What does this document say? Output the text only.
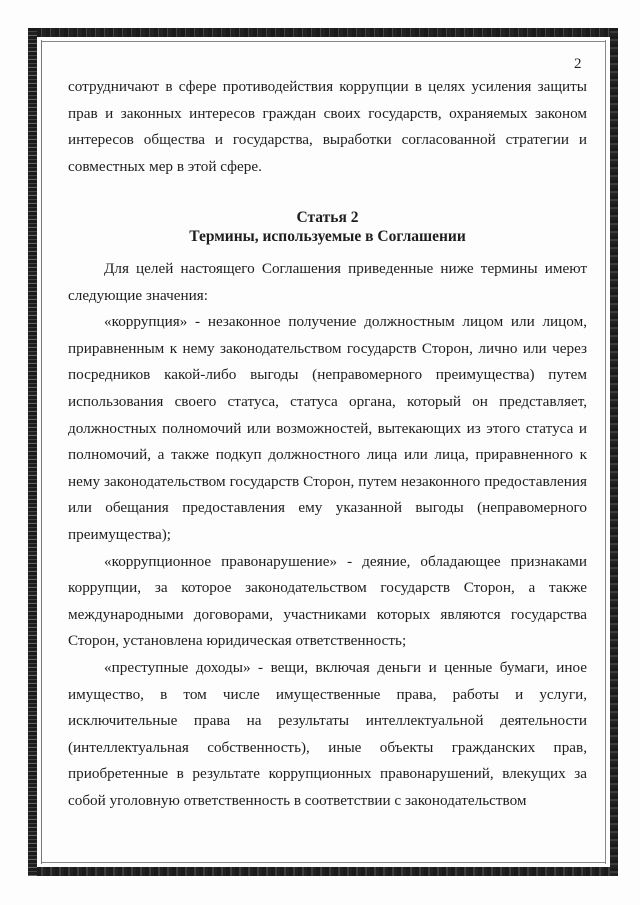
2

сотрудничают в сфере противодействия коррупции в целях усиления защиты прав и законных интересов граждан своих государств, охраняемых законом интересов общества и государства, выработки согласованной стратегии и совместных мер в этой сфере.

Статья 2
Термины, используемые в Соглашении

Для целей настоящего Соглашения приведенные ниже термины имеют следующие значения:

«коррупция» - незаконное получение должностным лицом или лицом, приравненным к нему законодательством государств Сторон, лично или через посредников какой-либо выгоды (неправомерного преимущества) путем использования своего статуса, статуса органа, который он представляет, должностных полномочий или возможностей, вытекающих из этого статуса и полномочий, а также подкуп должностного лица или лица, приравненного к нему законодательством государств Сторон, путем незаконного предоставления или обещания предоставления ему указанной выгоды (неправомерного преимущества);

«коррупционное правонарушение» - деяние, обладающее признаками коррупции, за которое законодательством государств Сторон, а также международными договорами, участниками которых являются государства Сторон, установлена юридическая ответственность;

«преступные доходы» - вещи, включая деньги и ценные бумаги, иное имущество, в том числе имущественные права, работы и услуги, исключительные права на результаты интеллектуальной деятельности (интеллектуальная собственность), иные объекты гражданских прав, приобретенные в результате коррупционных правонарушений, влекущих за собой уголовную ответственность в соответствии с законодательством
